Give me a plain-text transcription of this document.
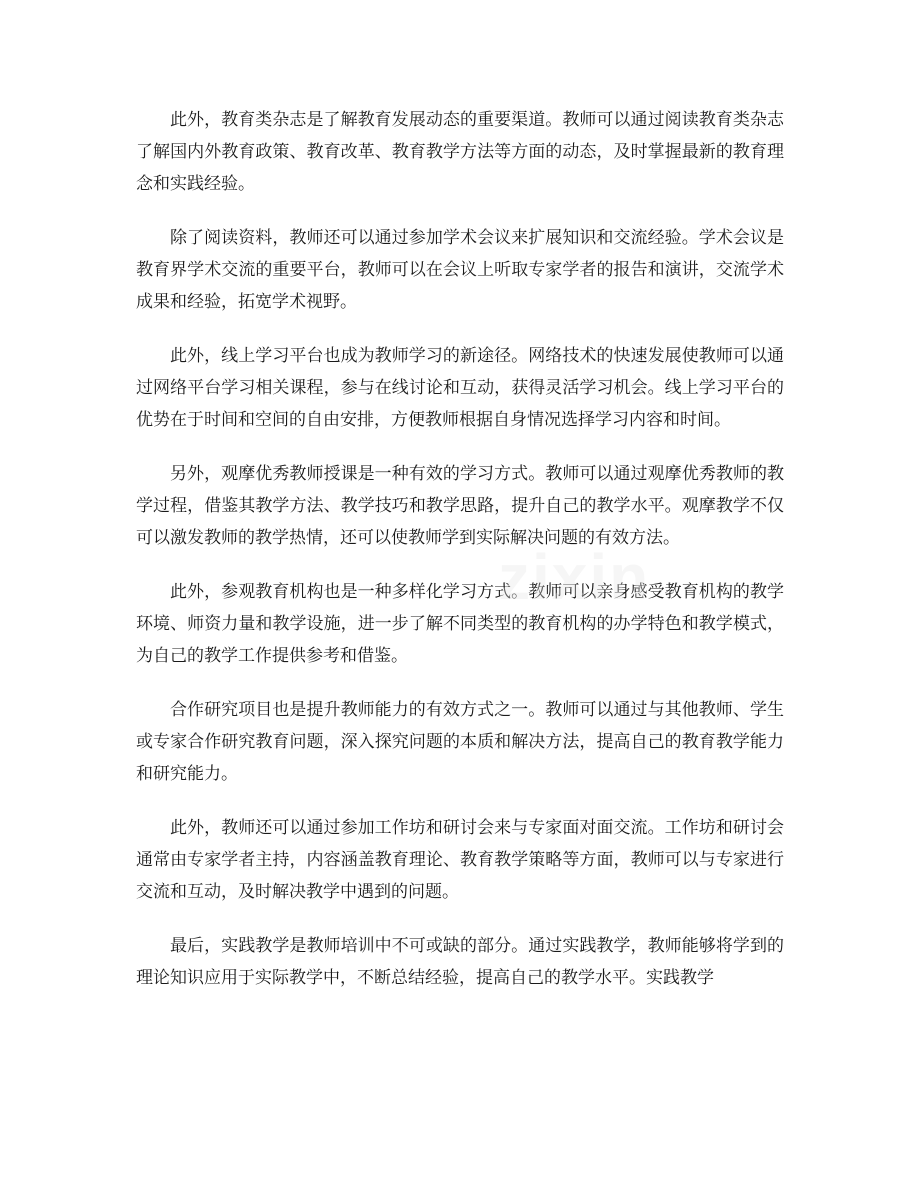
此外，教育类杂志是了解教育发展动态的重要渠道。教师可以通过阅读教育类杂志了解国内外教育政策、教育改革、教育教学方法等方面的动态，及时掌握最新的教育理念和实践经验。

除了阅读资料，教师还可以通过参加学术会议来扩展知识和交流经验。学术会议是教育界学术交流的重要平台，教师可以在会议上听取专家学者的报告和演讲，交流学术成果和经验，拓宽学术视野。

此外，线上学习平台也成为教师学习的新途径。网络技术的快速发展使教师可以通过网络平台学习相关课程，参与在线讨论和互动，获得灵活学习机会。线上学习平台的优势在于时间和空间的自由安排，方便教师根据自身情况选择学习内容和时间。

另外，观摩优秀教师授课是一种有效的学习方式。教师可以通过观摩优秀教师的教学过程，借鉴其教学方法、教学技巧和教学思路，提升自己的教学水平。观摩教学不仅可以激发教师的教学热情，还可以使教师学到实际解决问题的有效方法。

此外，参观教育机构也是一种多样化学习方式。教师可以亲身感受教育机构的教学环境、师资力量和教学设施，进一步了解不同类型的教育机构的办学特色和教学模式，为自己的教学工作提供参考和借鉴。

合作研究项目也是提升教师能力的有效方式之一。教师可以通过与其他教师、学生或专家合作研究教育问题，深入探究问题的本质和解决方法，提高自己的教育教学能力和研究能力。

此外，教师还可以通过参加工作坊和研讨会来与专家面对面交流。工作坊和研讨会通常由专家学者主持，内容涵盖教育理论、教育教学策略等方面，教师可以与专家进行交流和互动，及时解决教学中遇到的问题。

最后，实践教学是教师培训中不可或缺的部分。通过实践教学，教师能够将学到的理论知识应用于实际教学中，不断总结经验，提高自己的教学水平。实践教学

zixin
